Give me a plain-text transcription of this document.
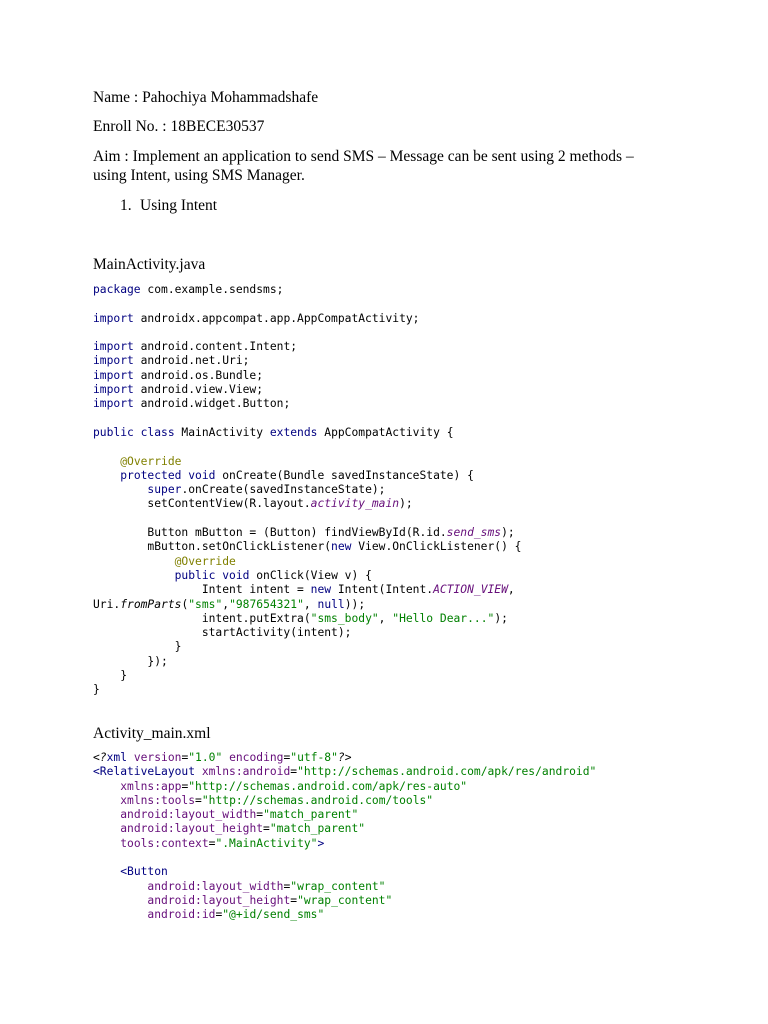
Name : Pahochiya Mohammadshafe
Enroll No. : 18BECE30537
Aim : Implement an application to send SMS – Message can be sent using 2 methods – using Intent, using SMS Manager.
1. Using Intent
MainActivity.java
package com.example.sendsms;

import androidx.appcompat.app.AppCompatActivity;

import android.content.Intent;
import android.net.Uri;
import android.os.Bundle;
import android.view.View;
import android.widget.Button;

public class MainActivity extends AppCompatActivity {

@Override
protected void onCreate(Bundle savedInstanceState) {
super.onCreate(savedInstanceState);
setContentView(R.layout.activity_main);

Button mButton = (Button) findViewById(R.id.send_sms);
mButton.setOnClickListener(new View.OnClickListener() {
@Override
public void onClick(View v) {
Intent intent = new Intent(Intent.ACTION_VIEW,
Uri.fromParts("sms","987654321", null));
intent.putExtra("sms_body", "Hello Dear...");
startActivity(intent);
}
});
}
}
Activity_main.xml
<?xml version="1.0" encoding="utf-8"?>
<RelativeLayout xmlns:android="http://schemas.android.com/apk/res/android"
xmlns:app="http://schemas.android.com/apk/res-auto"
xmlns:tools="http://schemas.android.com/tools"
android:layout_width="match_parent"
android:layout_height="match_parent"
tools:context=".MainActivity">

<Button
android:layout_width="wrap_content"
android:layout_height="wrap_content"
android:id="@+id/send_sms"
